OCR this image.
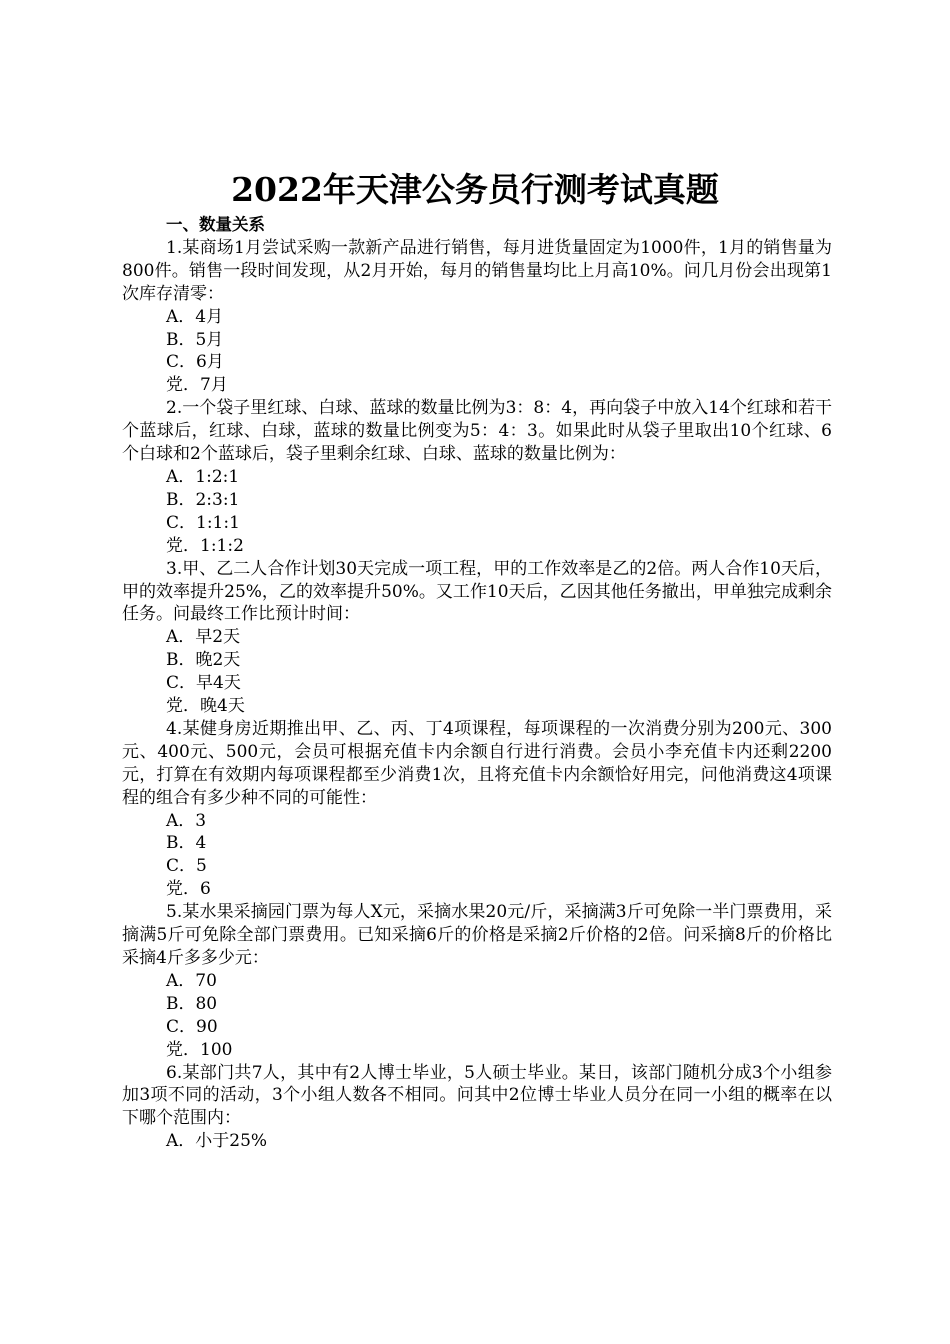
2022年天津公务员行测考试真题
一、数量关系
1.某商场1月尝试采购一款新产品进行销售，每月进货量固定为1000件，1月的销售量为800件。销售一段时间发现，从2月开始，每月的销售量均比上月高10%。问几月份会出现第1次库存清零：
A．4月
B．5月
C．6月
党．7月
2.一个袋子里红球、白球、蓝球的数量比例为3：8：4，再向袋子中放入14个红球和若干个蓝球后，红球、白球，蓝球的数量比例变为5：4：3。如果此时从袋子里取出10个红球、6个白球和2个蓝球后，袋子里剩余红球、白球、蓝球的数量比例为：
A．1:2:1
B．2:3:1
C．1:1:1
党．1:1:2
3.甲、乙二人合作计划30天完成一项工程，甲的工作效率是乙的2倍。两人合作10天后，甲的效率提升25%，乙的效率提升50%。又工作10天后，乙因其他任务撤出，甲单独完成剩余任务。问最终工作比预计时间：
A．早2天
B．晚2天
C．早4天
党．晚4天
4.某健身房近期推出甲、乙、丙、丁4项课程，每项课程的一次消费分别为200元、300元、400元、500元，会员可根据充值卡内余额自行进行消费。会员小李充值卡内还剩2200元，打算在有效期内每项课程都至少消费1次，且将充值卡内余额恰好用完，问他消费这4项课程的组合有多少种不同的可能性：
A．3
B．4
C．5
党．6
5.某水果采摘园门票为每人X元，采摘水果20元/斤，采摘满3斤可免除一半门票费用，采摘满5斤可免除全部门票费用。已知采摘6斤的价格是采摘2斤价格的2倍。问采摘8斤的价格比采摘4斤多多少元：
A．70
B．80
C．90
党．100
6.某部门共7人，其中有2人博士毕业，5人硕士毕业。某日，该部门随机分成3个小组参加3项不同的活动，3个小组人数各不相同。问其中2位博士毕业人员分在同一小组的概率在以下哪个范围内：
A．小于25%
